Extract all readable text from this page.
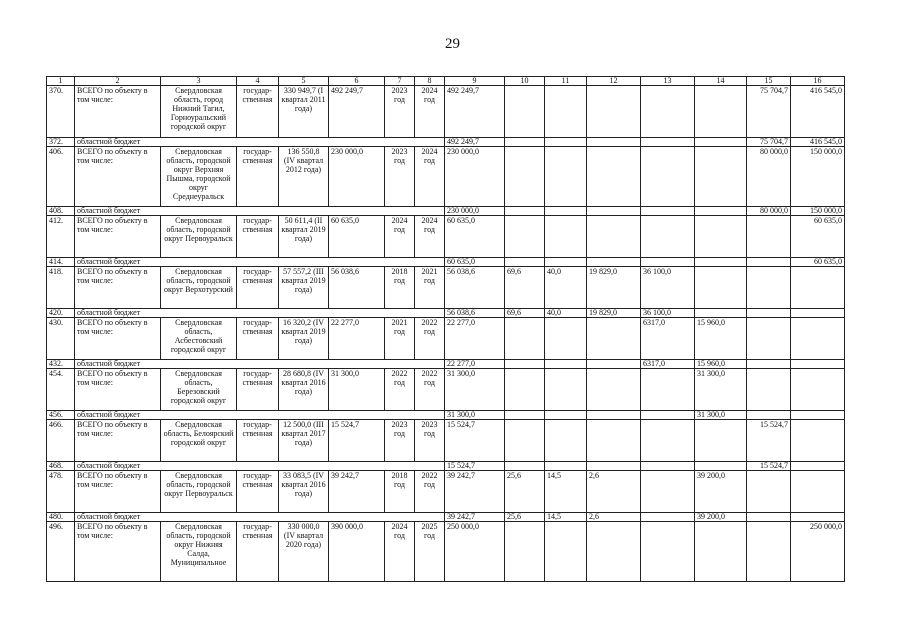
29
1	2	3	4	5	6	7	8	9	10	11	12	13	14	15	16
370.	ВСЕГО по объекту в том числе:	Свердловская область, город Нижний Тагил, Горноуральский городской округ	государ-ственная	330 949,7 (I квартал 2011 года)	492 249,7	2023 год	2024 год	492 249,7						75 704,7	416 545,0
372.	областной бюджет							492 249,7						75 704,7	416 545,0
406.	ВСЕГО по объекту в том числе:	Свердловская область, городской округ Верхняя Пышма, городской округ Среднеуральск	государ-ственная	136 550,8 (IV квартал 2012 года)	230 000,0	2023 год	2024 год	230 000,0						80 000,0	150 000,0
408.	областной бюджет							230 000,0						80 000,0	150 000,0
412.	ВСЕГО по объекту в том числе:	Свердловская область, городской округ Первоуральск	государ-ственная	50 611,4 (II квартал 2019 года)	60 635,0	2024 год	2024 год	60 635,0							60 635,0
414.	областной бюджет							60 635,0							60 635,0
418.	ВСЕГО по объекту в том числе:	Свердловская область, городской округ Верхотурский	государ-ственная	57 557,2 (III квартал 2019 года)	56 038,6	2018 год	2021 год	56 038,6	69,6	40,0	19 829,0	36 100,0			
420.	областной бюджет							56 038,6	69,6	40,0	19 829,0	36 100,0			
430.	ВСЕГО по объекту в том числе:	Свердловская область, Асбестовский городской округ	государ-ственная	16 320,2 (IV квартал 2019 года)	22 277,0	2021 год	2022 год	22 277,0				6317,0	15 960,0		
432.	областной бюджет							22 277,0				6317,0	15 960,0		
454.	ВСЕГО по объекту в том числе:	Свердловская область, Березовский городской округ	государ-ственная	28 680,8 (IV квартал 2016 года)	31 300,0	2022 год	2022 год	31 300,0					31 300,0		
456.	областной бюджет							31 300,0					31 300,0		
466.	ВСЕГО по объекту в том числе:	Свердловская область, Белоярский городской округ	государ-ственная	12 500,0 (III квартал 2017 года)	15 524,7	2023 год	2023 год	15 524,7						15 524,7	
468.	областной бюджет							15 524,7						15 524,7	
478.	ВСЕГО по объекту в том числе:	Свердловская область, городской округ Первоуральск	государ-ственная	33 083,5 (IV квартал 2016 года)	39 242,7	2018 год	2022 год	39 242,7	25,6	14,5	2,6		39 200,0		
480.	областной бюджет							39 242,7	25,6	14,5	2,6		39 200,0		
496.	ВСЕГО по объекту в том числе:	Свердловская область, городской округ Нижняя Салда, Муниципальное	государ-ственная	330 000,0 (IV квартал 2020 года)	390 000,0	2024 год	2025 год	250 000,0							250 000,0
